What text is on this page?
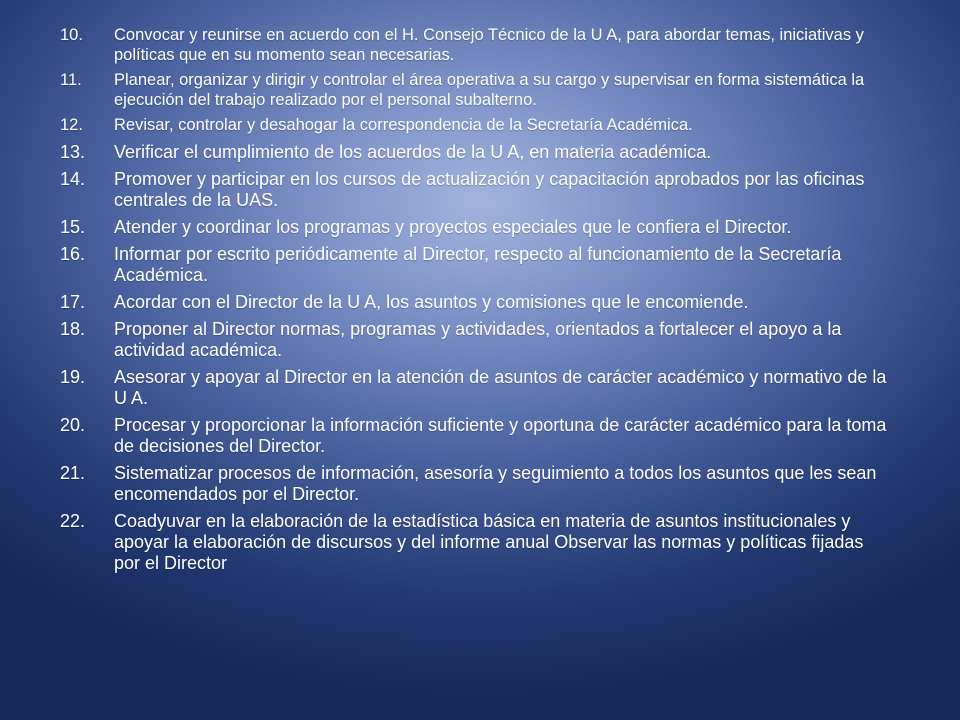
10.	Convocar y reunirse en acuerdo con el H. Consejo Técnico de la U A, para abordar temas, iniciativas y políticas que en su momento sean necesarias.
11.	Planear, organizar y dirigir y controlar el área operativa a su cargo y supervisar en forma sistemática la ejecución del trabajo realizado por el personal subalterno.
12.	Revisar, controlar y desahogar la correspondencia de la Secretaría Académica.
13.	Verificar el cumplimiento de los acuerdos de la U A, en materia académica.
14.	Promover y participar en los cursos de actualización y capacitación aprobados por las oficinas centrales de la UAS.
15.	Atender y coordinar los programas y proyectos especiales que le confiera el Director.
16.	Informar por escrito periódicamente al Director, respecto al funcionamiento de la Secretaría Académica.
17.	Acordar con el Director de la U A, los asuntos y comisiones que le encomiende.
18.	Proponer al Director normas, programas y actividades, orientados a fortalecer el apoyo a la actividad académica.
19.	Asesorar y apoyar al Director en la atención de asuntos de carácter académico y normativo de la U A.
20.	Procesar y proporcionar la información suficiente y oportuna de carácter académico para la toma de decisiones del Director.
21.	Sistematizar procesos de información, asesoría y seguimiento a todos los asuntos que les sean encomendados por el Director.
22.	Coadyuvar en la elaboración de la estadística básica en materia de asuntos institucionales y apoyar la elaboración de discursos y del informe anual Observar las normas y políticas fijadas por el Director
